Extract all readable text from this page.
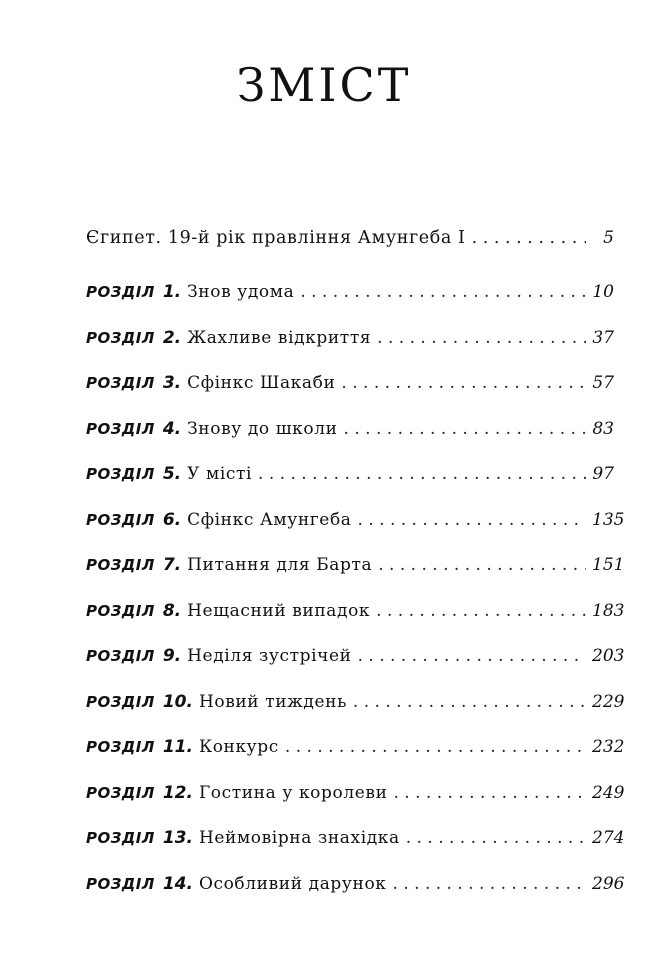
ЗМІСТ
Єгипет. 19-й рік правління Амунгеба І . . .	5
РОЗДІЛ 1. Знов удома . . .	10
РОЗДІЛ 2. Жахливе відкриття . . .	37
РОЗДІЛ 3. Сфінкс Шакаби . . .	57
РОЗДІЛ 4. Знову до школи . . .	83
РОЗДІЛ 5. У місті . . .	97
РОЗДІЛ 6. Сфінкс Амунгеба . . .	135
РОЗДІЛ 7. Питання для Барта . . .	151
РОЗДІЛ 8. Нещасний випадок . . .	183
РОЗДІЛ 9. Неділя зустрічей . . .	203
РОЗДІЛ 10. Новий тиждень . . .	229
РОЗДІЛ 11. Конкурс . . .	232
РОЗДІЛ 12. Гостина у королеви . . .	249
РОЗДІЛ 13. Неймовірна знахідка . . .	274
РОЗДІЛ 14. Особливий дарунок . . .	296
